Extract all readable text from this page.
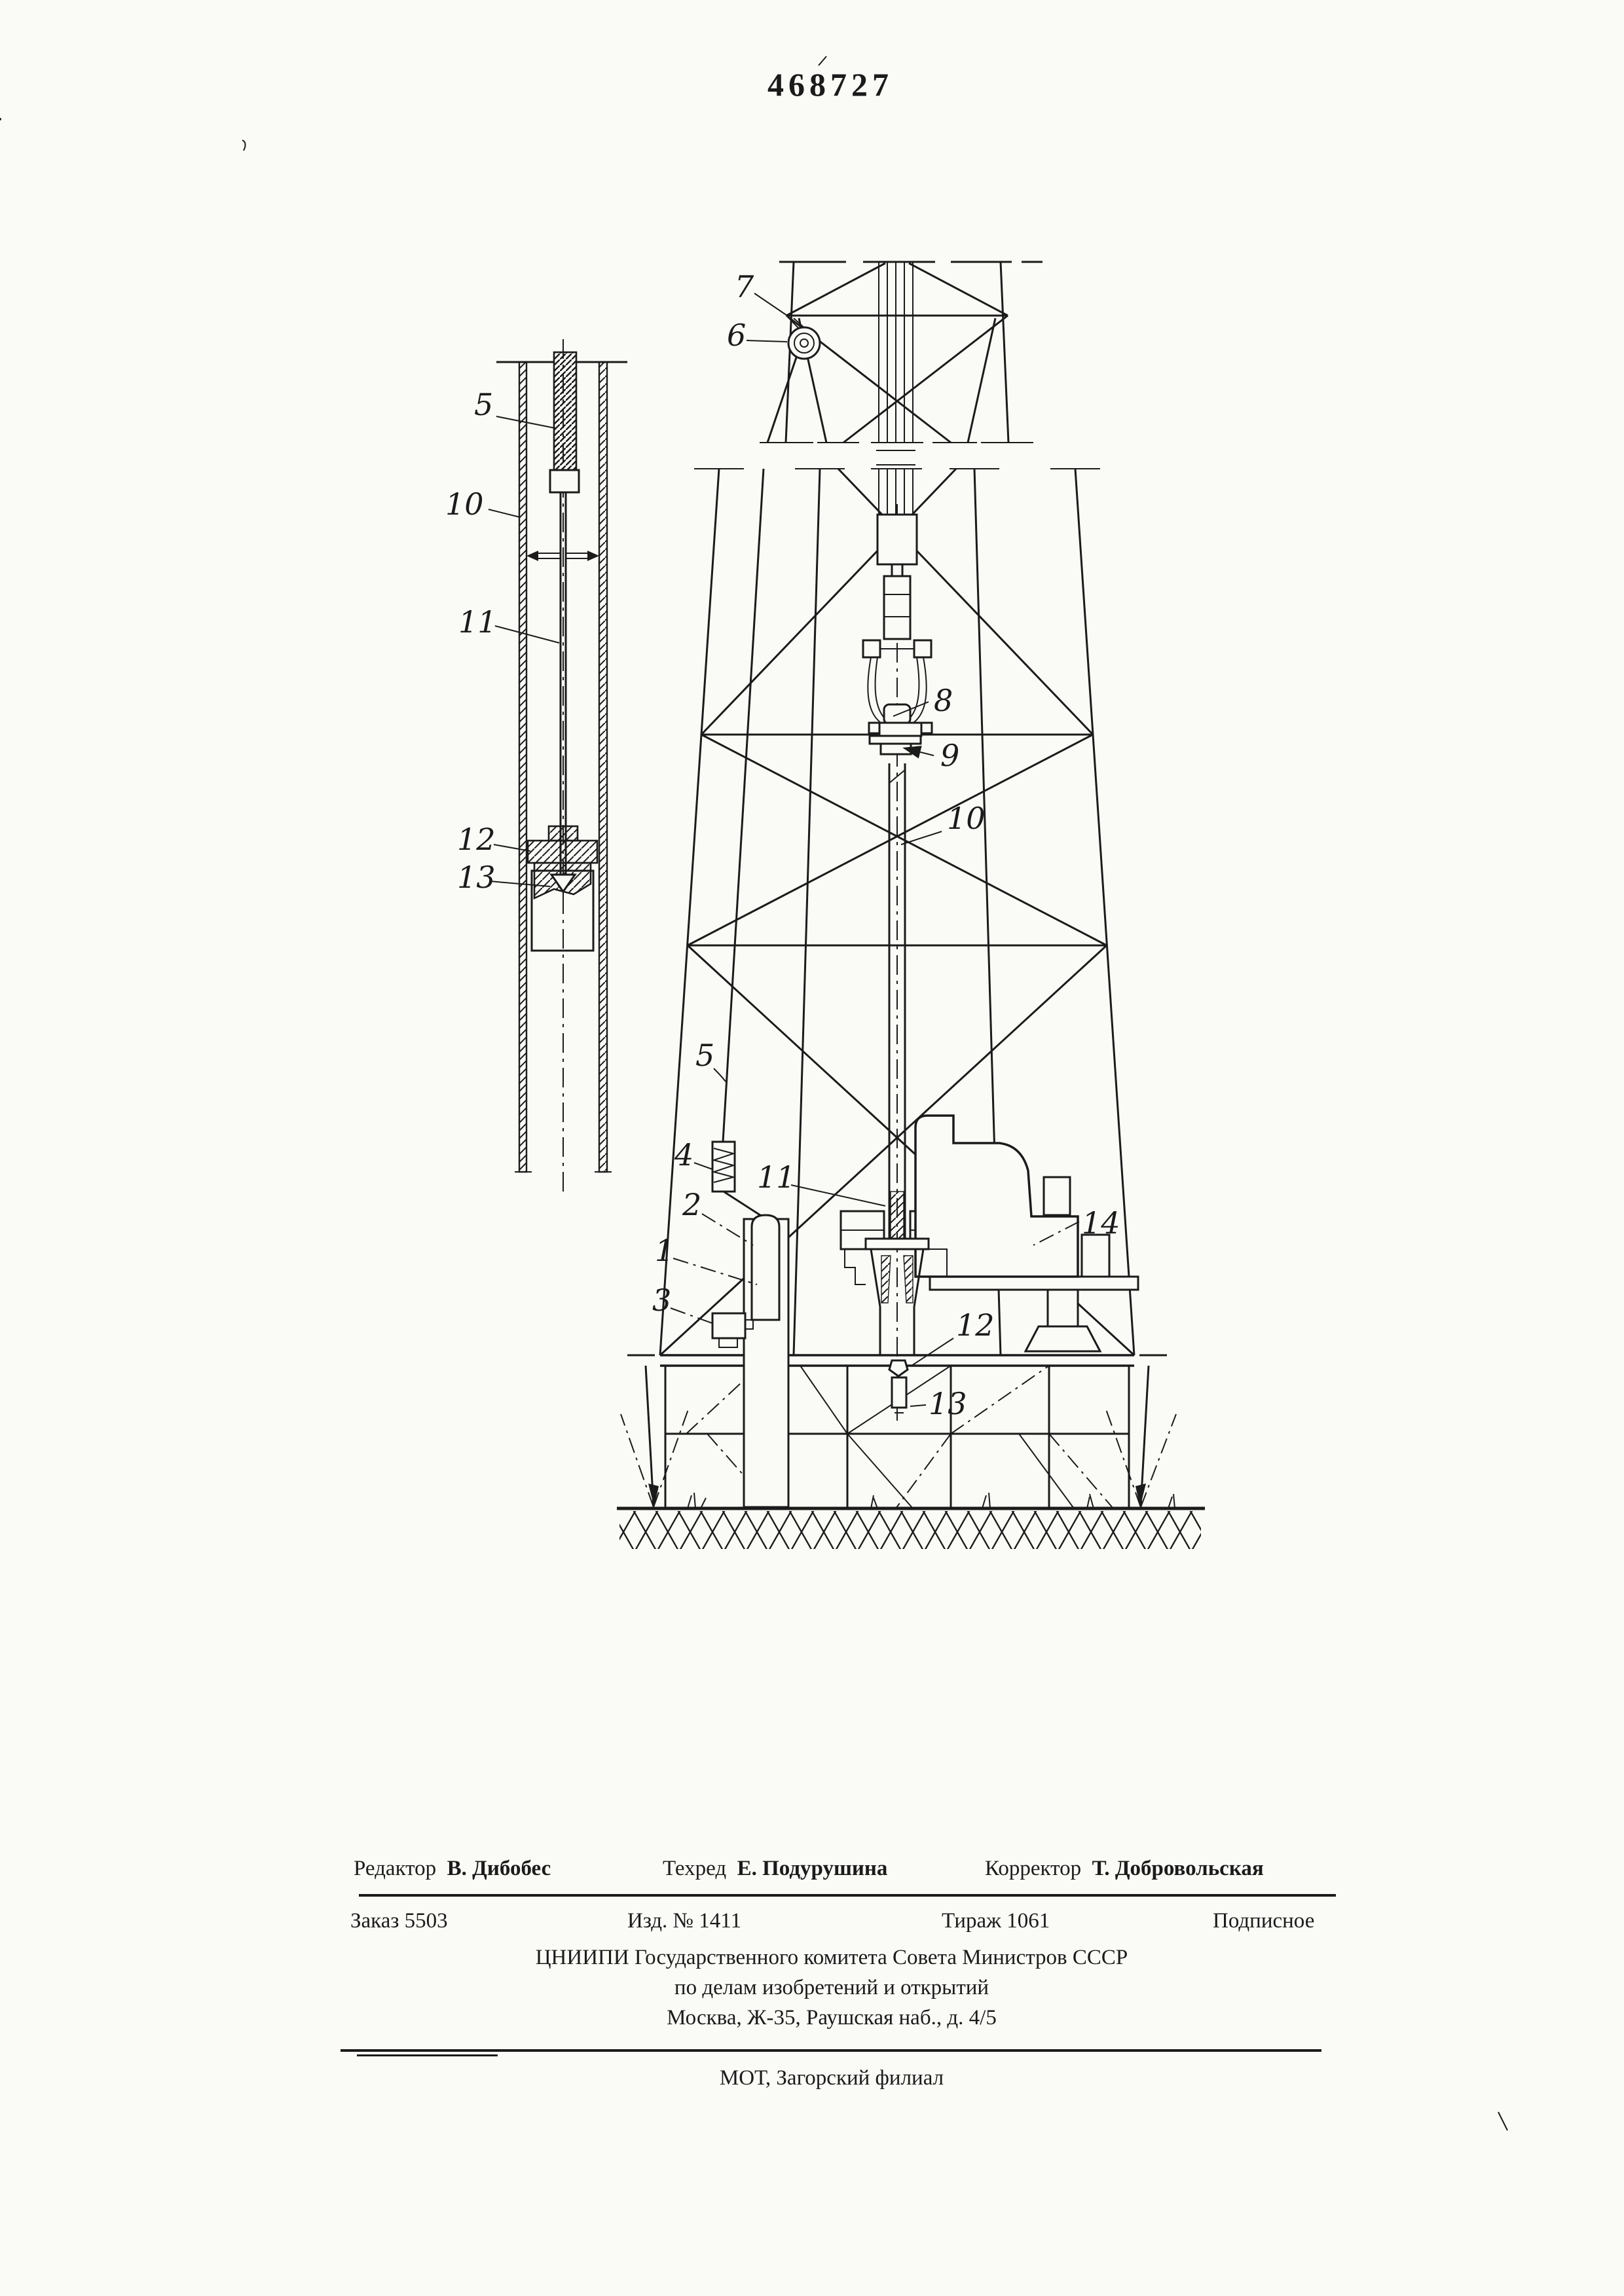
468727
5
10
11
12
13
7
6
8
9
10
5
4
2
1
3
11
14
12
13
Редактор В. Дибобес	Техред Е. Подурушина	Корректор Т. Добровольская
Заказ 5503	Изд. № 1411	Тираж 1061	Подписное
ЦНИИПИ Государственного комитета Совета Министров СССР
по делам изобретений и открытий
Москва, Ж-35, Раушская наб., д. 4/5
МОТ, Загорский филиал
